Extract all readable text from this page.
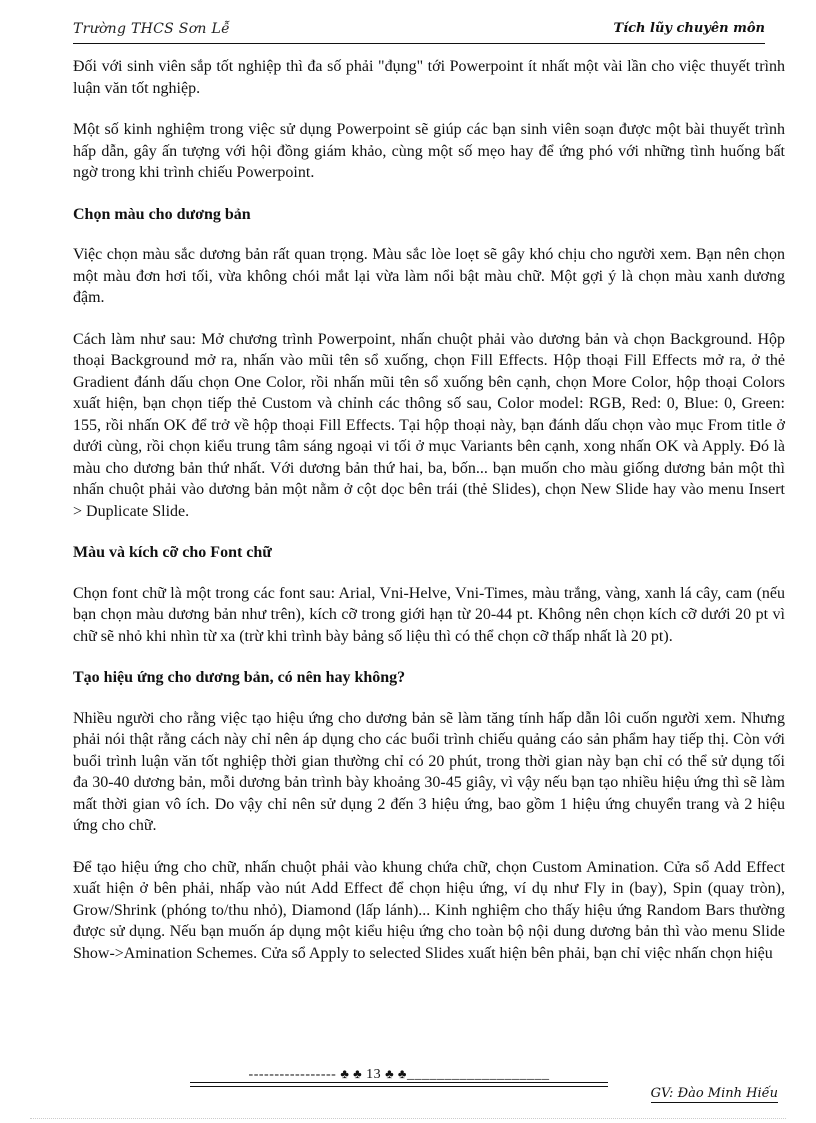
Trường THCS Sơn Lễ	Tích lũy chuyên môn

Đối với sinh viên sắp tốt nghiệp thì đa số phải "đụng" tới Powerpoint ít nhất một vài lần cho việc thuyết trình luận văn tốt nghiệp.

Một số kinh nghiệm trong việc sử dụng Powerpoint sẽ giúp các bạn sinh viên soạn được một bài thuyết trình hấp dẫn, gây ấn tượng với hội đồng giám khảo, cùng một số mẹo hay để ứng phó với những tình huống bất ngờ trong khi trình chiếu Powerpoint.

Chọn màu cho dương bản

Việc chọn màu sắc dương bản rất quan trọng. Màu sắc lòe loẹt sẽ gây khó chịu cho người xem. Bạn nên chọn một màu đơn hơi tối, vừa không chói mắt lại vừa làm nổi bật màu chữ. Một gợi ý là chọn màu xanh dương đậm.

Cách làm như sau: Mở chương trình Powerpoint, nhấn chuột phải vào dương bản và chọn Background. Hộp thoại Background mở ra, nhấn vào mũi tên sổ xuống, chọn Fill Effects. Hộp thoại Fill Effects mở ra, ở thẻ Gradient đánh dấu chọn One Color, rồi nhấn mũi tên sổ xuống bên cạnh, chọn More Color, hộp thoại Colors xuất hiện, bạn chọn tiếp thẻ Custom và chỉnh các thông số sau, Color model: RGB, Red: 0, Blue: 0, Green: 155, rồi nhấn OK để trở về hộp thoại Fill Effects. Tại hộp thoại này, bạn đánh dấu chọn vào mục From title ở dưới cùng, rồi chọn kiểu trung tâm sáng ngoại vi tối ở mục Variants bên cạnh, xong nhấn OK và Apply. Đó là màu cho dương bản thứ nhất. Với dương bản thứ hai, ba, bốn... bạn muốn cho màu giống dương bản một thì nhấn chuột phải vào dương bản một nằm ở cột dọc bên trái (thẻ Slides), chọn New Slide hay vào menu Insert > Duplicate Slide.

Màu và kích cỡ cho Font chữ

Chọn font chữ là một trong các font sau: Arial, Vni-Helve, Vni-Times, màu trắng, vàng, xanh lá cây, cam (nếu bạn chọn màu dương bản như trên), kích cỡ trong giới hạn từ 20-44 pt. Không nên chọn kích cỡ dưới 20 pt vì chữ sẽ nhỏ khi nhìn từ xa (trừ khi trình bày bảng số liệu thì có thể chọn cỡ thấp nhất là 20 pt).

Tạo hiệu ứng cho dương bản, có nên hay không?

Nhiều người cho rằng việc tạo hiệu ứng cho dương bản sẽ làm tăng tính hấp dẫn lôi cuốn người xem. Nhưng phải nói thật rằng cách này chỉ nên áp dụng cho các buổi trình chiếu quảng cáo sản phẩm hay tiếp thị. Còn với buổi trình luận văn tốt nghiệp thời gian thường chỉ có 20 phút, trong thời gian này bạn chỉ có thể sử dụng tối đa 30-40 dương bản, mỗi dương bản trình bày khoảng 30-45 giây, vì vậy nếu bạn tạo nhiều hiệu ứng thì sẽ làm mất thời gian vô ích. Do vậy chỉ nên sử dụng 2 đến 3 hiệu ứng, bao gồm 1 hiệu ứng chuyển trang và 2 hiệu ứng cho chữ.

Để tạo hiệu ứng cho chữ, nhấn chuột phải vào khung chứa chữ, chọn Custom Amination. Cửa sổ Add Effect xuất hiện ở bên phải, nhấp vào nút Add Effect để chọn hiệu ứng, ví dụ như Fly in (bay), Spin (quay tròn), Grow/Shrink (phóng to/thu nhỏ), Diamond (lấp lánh)... Kinh nghiệm cho thấy hiệu ứng Random Bars thường được sử dụng. Nếu bạn muốn áp dụng một kiểu hiệu ứng cho toàn bộ nội dung dương bản thì vào menu Slide Show->Amination Schemes. Cửa sổ Apply to selected Slides xuất hiện bên phải, bạn chỉ việc nhấn chọn hiệu

----------------- ♣ ♣ 13 ♣ ♣___________________
GV: Đào Minh Hiếu
